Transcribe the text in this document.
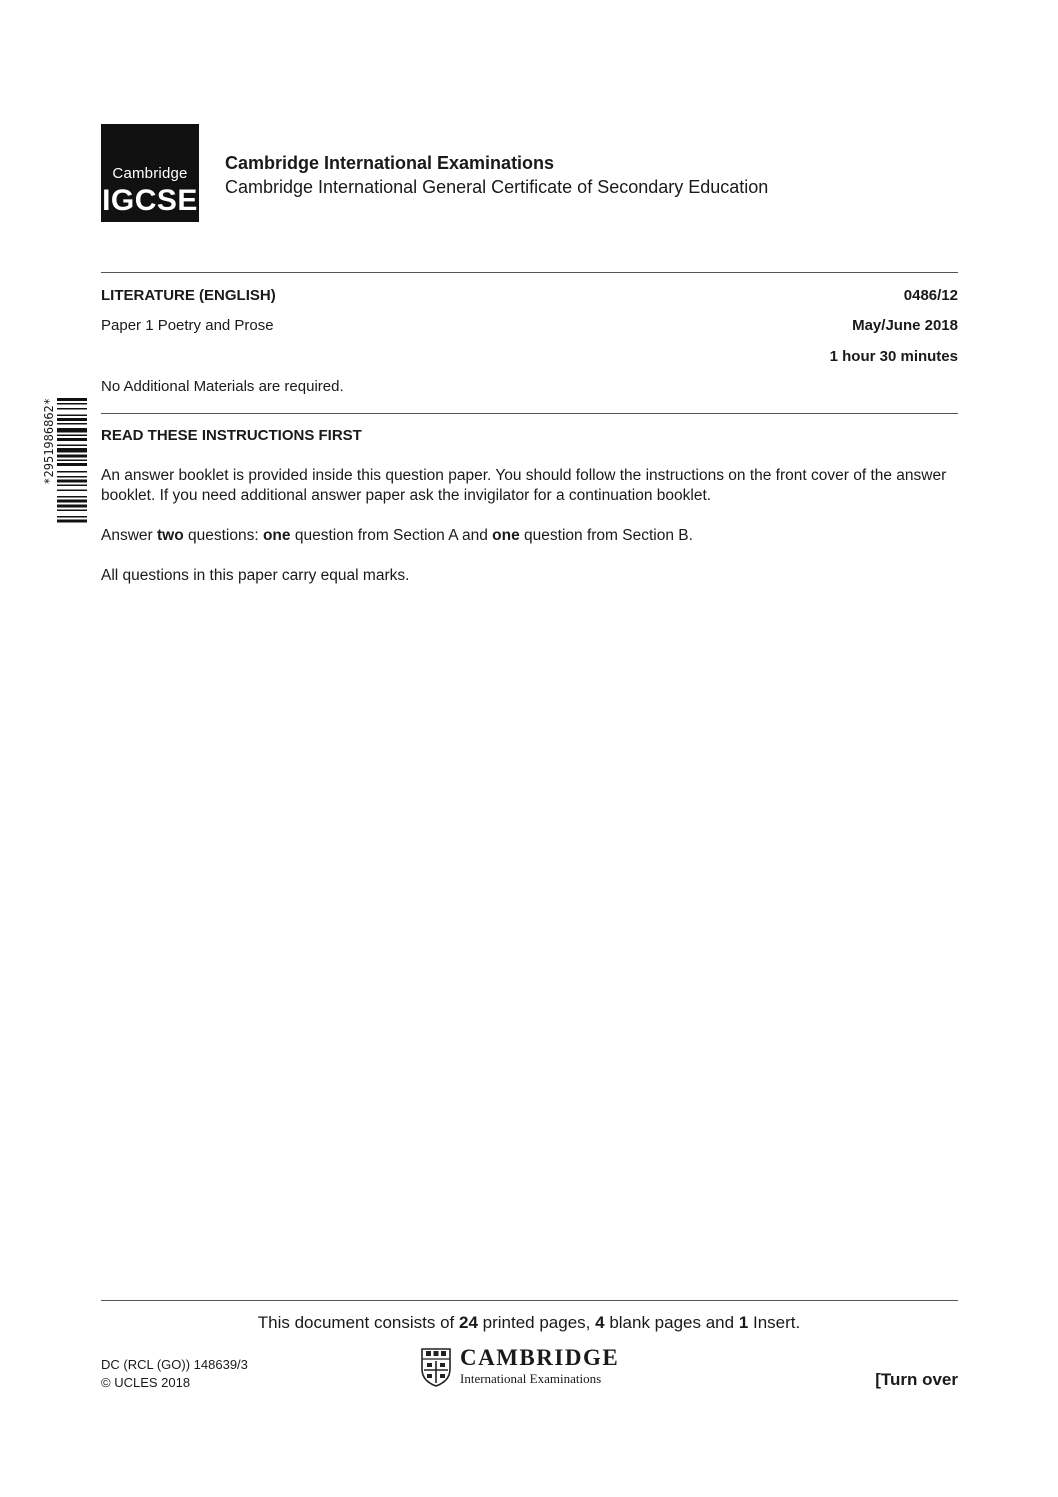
Cambridge
IGCSE
Cambridge International Examinations
Cambridge International General Certificate of Secondary Education
LITERATURE (ENGLISH)	0486/12
Paper 1 Poetry and Prose	May/June 2018
1 hour 30 minutes
No Additional Materials are required.
*2951986862*	READ THESE INSTRUCTIONS FIRST
An answer booklet is provided inside this question paper. You should follow the instructions on the front cover of the answer booklet. If you need additional answer paper ask the invigilator for a continuation booklet.
Answer two questions: one question from Section A and one question from Section B.
All questions in this paper carry equal marks.
This document consists of 24 printed pages, 4 blank pages and 1 Insert.
DC (RCL (GO)) 148639/3
© UCLES 2018
CAMBRIDGE
International Examinations	[Turn over
